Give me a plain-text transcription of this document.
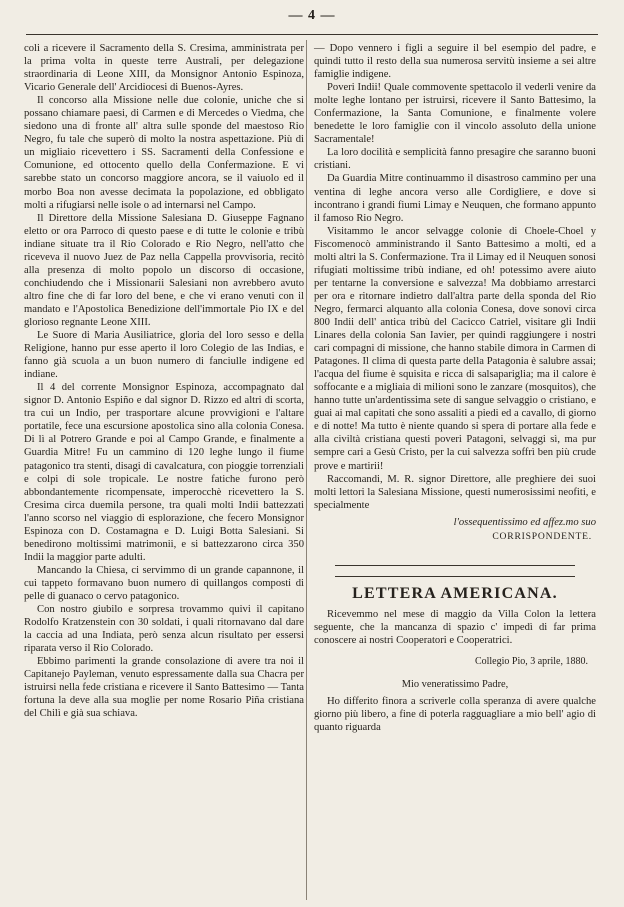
— 4 —

coli a ricevere il Sacramento della S. Cresima, amministrata per la prima volta in queste terre Australi, per delegazione straordinaria di Leone XIII, da Monsignor Antonio Espinoza, Vicario Generale dell' Arcidiocesi di Buenos-Ayres.

Il concorso alla Missione nelle due colonie, uniche che si possano chiamare paesi, di Carmen e di Mercedes o Viedma, che siedono una di fronte all' altra sulle sponde del maestoso Rio Negro, fu tale che superò di molto la nostra aspettazione. Più di un migliaio ricevettero i SS. Sacramenti della Confessione e Comunione, ed ottocento quello della Confermazione. E vi sarebbe stato un concorso maggiore ancora, se il vaiuolo ed il morbo Boa non avesse decimata la popolazione, ed obbligato molti a rifugiarsi nelle isole o ad internarsi nel Campo.

Il Direttore della Missione Salesiana D. Giuseppe Fagnano eletto or ora Parroco di questo paese e di tutte le colonie e tribù indiane situate tra il Rio Colorado e Rio Negro, nell'atto che riceveva il nuovo Juez de Paz nella Cappella provvisoria, recitò alla presenza di molto popolo un discorso di occasione, conchiudendo che i Missionarii Salesiani non avrebbero avuto altro fine che di far loro del bene, e che vi erano venuti con il mandato e l'Apostolica Benedizione dell'immortale Pio IX e del glorioso regnante Leone XIII.

Le Suore di Maria Ausiliatrice, gloria del loro sesso e della Religione, hanno pur esse aperto il loro Colegio de las Indias, e fanno già scuola a un buon numero di fanciulle indigene ed indiane.

Il 4 del corrente Monsignor Espinoza, accompagnato dal signor D. Antonio Espiño e dal signor D. Rizzo ed altri di scorta, tra cui un Indio, per trasportare alcune provvigioni e l'altare portatile, fece una escursione apostolica sino alla colonia Conesa. Di lì al Potrero Grande e poi al Campo Grande, e finalmente a Guardia Mitre! Fu un cammino di 120 leghe lungo il fiume patagonico tra stenti, disagi di cavalcatura, con pioggie torrenziali e colpi di sole tropicale. Le nostre fatiche furono però abbondantemente ricompensate, imperocchè ricevettero la S. Cresima circa duemila persone, tra quali molti Indii battezzati l'anno scorso nel viaggio di esplorazione, che fecero Monsignor Espinoza con D. Costamagna e D. Luigi Botta Salesiani. Si benedirono moltissimi matrimonii, e si battezzarono circa 350 Indii la maggior parte adulti.

Mancando la Chiesa, ci servimmo di un grande capannone, il cui tappeto formavano buon numero di quillangos composti di pelle di guanaco o cervo patagonico.

Con nostro giubilo e sorpresa trovammo quivi il capitano Rodolfo Kratzenstein con 30 soldati, i quali ritornavano dal dare la caccia ad una Indiata, però senza alcun risultato per essersi riparata verso il Rio Colorado.

Ebbimo parimenti la grande consolazione di avere tra noi il Capitanejo Payleman, venuto espressamente dalla sua Chacra per istruirsi nella fede cristiana e ricevere il Santo Battesimo — Tanta fortuna la deve alla sua moglie per nome Rosario Piña cristiana del Chilì e già sua schiava.

— Dopo vennero i figli a seguire il bel esempio del padre, e quindi tutto il resto della sua numerosa servitù insieme a sei altre famiglie indigene.

Poveri Indii! Quale commovente spettacolo il vederli venire da molte leghe lontano per istruirsi, ricevere il Santo Battesimo, la Confermazione, la Santa Comunione, e finalmente volere benedette le loro famiglie con il vincolo assoluto della unione Sacramentale!

La loro docilità e semplicità fanno presagire che saranno buoni cristiani.

Da Guardia Mitre continuammo il disastroso cammino per una ventina di leghe ancora verso alle Cordigliere, e dove si incontrano i grandi fiumi Limay e Neuquen, che formano appunto il famoso Rio Negro.

Visitammo le ancor selvagge colonie di Choele-Choel y Fiscomenocò amministrando il Santo Battesimo a molti, ed a molti altri la S. Confermazione. Tra il Limay ed il Neuquen sonosi rifugiati moltissime tribù indiane, ed oh! potessimo avere aiuto per tentarne la conversione e salvezza! Ma dobbiamo arrestarci per ora e ritornare indietro dall'altra parte della sponda del Rio Negro, fermarci alquanto alla colonia Conesa, dove sonovi circa 800 Indii dell' antica tribù del Cacicco Catriel, visitare gli Indii Linares della colonia San Iavier, per quindi raggiungere i nostri cari compagni di missione, che hanno stabile dimora in Carmen di Patagones. Il clima di questa parte della Patagonia è salubre assai; l'acqua del fiume è squisita e ricca di salsapariglia; ma il calore è soffocante e a migliaia di milioni sono le zanzare (mosquitos), che hanno tutte un'ardentissima sete di sangue selvaggio o cristiano, e guai ai mal capitati che sono assaliti a piedi ed a cavallo, di giorno e di notte! Ma tutto è niente quando si spera di portare alla fede e alla civiltà cristiana questi poveri Patagoni, selvaggi sì, ma pur sempre cari a Gesù Cristo, per la cui salvezza soffrì ben più crude prove e martirii!

Raccomandi, M. R. signor Direttore, alle preghiere dei suoi molti lettori la Salesiana Missione, questi numerosissimi neofiti, e specialmente

l'ossequentissimo ed affez.mo suo
CORRISPONDENTE.
LETTERA AMERICANA.

Ricevemmo nel mese di maggio da Villa Colon la lettera seguente, che la mancanza di spazio c' impedì di far prima conoscere ai nostri Cooperatori e Cooperatrici.

Collegio Pio, 3 aprile, 1880.
Mio veneratissimo Padre,

Ho differito finora a scriverle colla speranza di avere qualche giorno più libero, a fine di poterla ragguagliare a mio bell' agio di quanto riguarda
